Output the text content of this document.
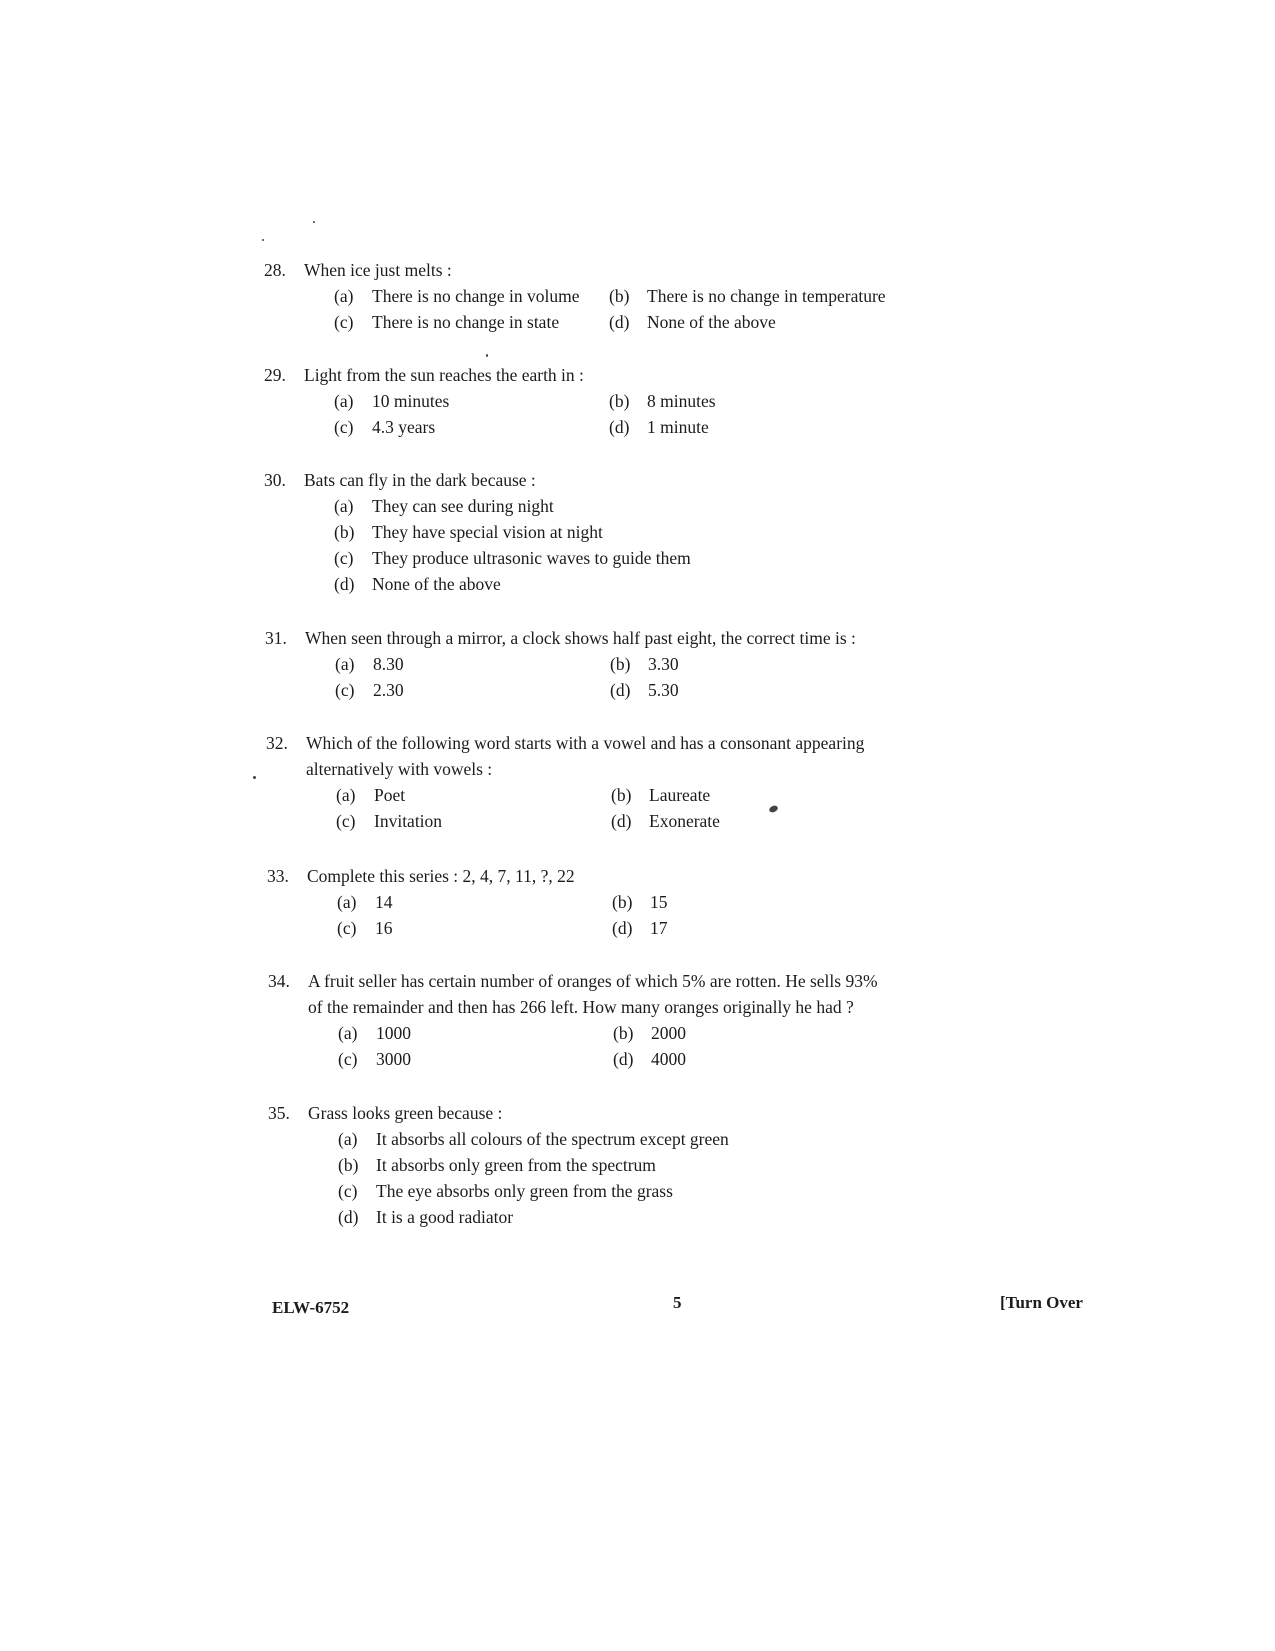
28. When ice just melts :
(a) There is no change in volume (b) There is no change in temperature
(c) There is no change in state	(d) None of the above
29. Light from the sun reaches the earth in :
(a) 10 minutes	(b) 8 minutes
(c) 4.3 years	(d) 1 minute
30. Bats can fly in the dark because :
(a) They can see during night
(b) They have special vision at night
(c) They produce ultrasonic waves to guide them
(d) None of the above
31. When seen through a mirror, a clock shows half past eight, the correct time is :
(a) 8.30	(b) 3.30
(c) 2.30	(d) 5.30
32. Which of the following word starts with a vowel and has a consonant appearing alternatively with vowels :
(a) Poet	(b) Laureate
(c) Invitation	(d) Exonerate
33. Complete this series : 2, 4, 7, 11, ?, 22
(a) 14	(b) 15
(c) 16	(d) 17
34. A fruit seller has certain number of oranges of which 5% are rotten. He sells 93% of the remainder and then has 266 left. How many oranges originally he had ?
(a) 1000	(b) 2000
(c) 3000	(d) 4000
35. Grass looks green because :
(a) It absorbs all colours of the spectrum except green
(b) It absorbs only green from the spectrum
(c) The eye absorbs only green from the grass
(d) It is a good radiator
ELW-6752	5	[Turn Over
